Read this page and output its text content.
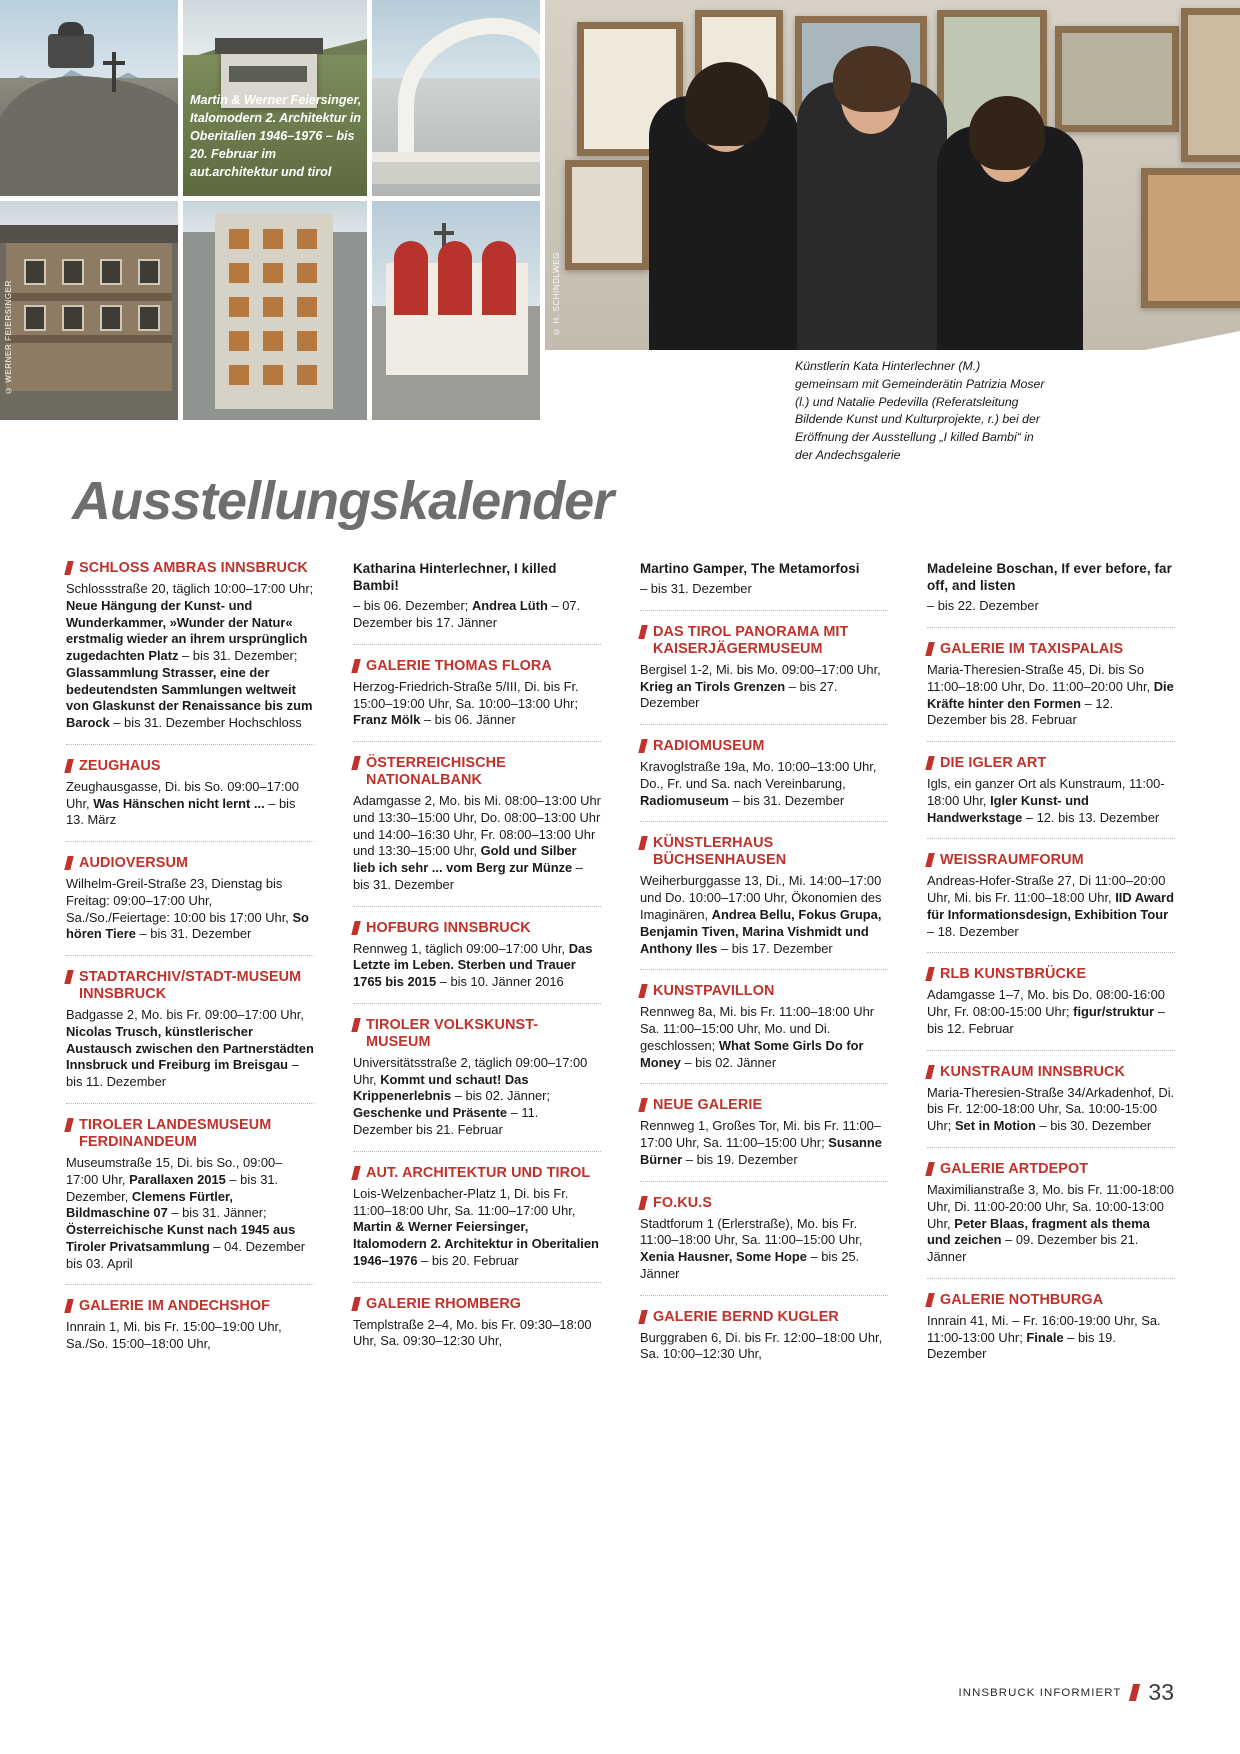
© WERNER FEIERSINGER	© H. SCHINDLWEG
Martin & Werner Feiersinger, Italomodern 2. Architektur in Oberitalien 1946–1976 – bis 20. Februar im aut.architektur und tirol
Künstlerin Kata Hinterlechner (M.) gemeinsam mit Gemeinderätin Patrizia Moser (l.) und Natalie Pedevilla (Referatsleitung Bildende Kunst und Kulturprojekte, r.) bei der Eröffnung der Ausstellung „I killed Bambi“ in der Andechsgalerie
Ausstellungskalender
SCHLOSS AMBRAS INNSBRUCK
Schlossstraße 20, täglich 10:00–17:00 Uhr; Neue Hängung der Kunst- und Wunderkammer, »Wunder der Natur« erstmalig wieder an ihrem ursprünglich zugedachten Platz – bis 31. Dezember; Glassammlung Strasser, eine der bedeutendsten Sammlungen weltweit von Glaskunst der Renaissance bis zum Barock – bis 31. Dezember Hochschloss
ZEUGHAUS
Zeughausgasse, Di. bis So. 09:00–17:00 Uhr, Was Hänschen nicht lernt ... – bis 13. März
AUDIOVERSUM
Wilhelm-Greil-Straße 23, Dienstag bis Freitag: 09:00–17:00 Uhr, Sa./So./Feiertage: 10:00 bis 17:00 Uhr, So hören Tiere – bis 31. Dezember
STADTARCHIV/STADT-MUSEUM INNSBRUCK
Badgasse 2, Mo. bis Fr. 09:00–17:00 Uhr, Nicolas Trusch, künstlerischer Austausch zwischen den Partnerstädten Innsbruck und Freiburg im Breisgau – bis 11. Dezember
TIROLER LANDESMUSEUM FERDINANDEUM
Museumstraße 15, Di. bis So., 09:00–17:00 Uhr, Parallaxen 2015 – bis 31. Dezember, Clemens Fürtler, Bildmaschine 07 – bis 31. Jänner; Österreichische Kunst nach 1945 aus Tiroler Privatsammlung – 04. Dezember bis 03. April
GALERIE IM ANDECHSHOF
Innrain 1, Mi. bis Fr. 15:00–19:00 Uhr, Sa./So. 15:00–18:00 Uhr,
Katharina Hinterlechner, I killed Bambi!
– bis 06. Dezember; Andrea Lüth – 07. Dezember bis 17. Jänner
GALERIE THOMAS FLORA
Herzog-Friedrich-Straße 5/III, Di. bis Fr. 15:00–19:00 Uhr, Sa. 10:00–13:00 Uhr; Franz Mölk – bis 06. Jänner
ÖSTERREICHISCHE NATIONALBANK
Adamgasse 2, Mo. bis Mi. 08:00–13:00 Uhr und 13:30–15:00 Uhr, Do. 08:00–13:00 Uhr und 14:00–16:30 Uhr, Fr. 08:00–13:00 Uhr und 13:30–15:00 Uhr, Gold und Silber lieb ich sehr ... vom Berg zur Münze – bis 31. Dezember
HOFBURG INNSBRUCK
Rennweg 1, täglich 09:00–17:00 Uhr, Das Letzte im Leben. Sterben und Trauer 1765 bis 2015 – bis 10. Jänner 2016
TIROLER VOLKSKUNST-MUSEUM
Universitätsstraße 2, täglich 09:00–17:00 Uhr, Kommt und schaut! Das Krippenerlebnis – bis 02. Jänner; Geschenke und Präsente – 11. Dezember bis 21. Februar
AUT. ARCHITEKTUR UND TIROL
Lois-Welzenbacher-Platz 1, Di. bis Fr. 11:00–18:00 Uhr, Sa. 11:00–17:00 Uhr, Martin & Werner Feiersinger, Italomodern 2. Architektur in Oberitalien 1946–1976 – bis 20. Februar
GALERIE RHOMBERG
Templstraße 2–4, Mo. bis Fr. 09:30–18:00 Uhr, Sa. 09:30–12:30 Uhr,
Martino Gamper, The Metamorfosi
– bis 31. Dezember
DAS TIROL PANORAMA MIT KAISERJÄGERMUSEUM
Bergisel 1-2, Mi. bis Mo. 09:00–17:00 Uhr, Krieg an Tirols Grenzen – bis 27. Dezember
RADIOMUSEUM
Kravoglstraße 19a, Mo. 10:00–13:00 Uhr, Do., Fr. und Sa. nach Vereinbarung, Radiomuseum – bis 31. Dezember
KÜNSTLERHAUS BÜCHSENHAUSEN
Weiherburggasse 13, Di., Mi. 14:00–17:00 und Do. 10:00–17:00 Uhr, Ökonomien des Imaginären, Andrea Bellu, Fokus Grupa, Benjamin Tiven, Marina Vishmidt und Anthony Iles – bis 17. Dezember
KUNSTPAVILLON
Rennweg 8a, Mi. bis Fr. 11:00–18:00 Uhr Sa. 11:00–15:00 Uhr, Mo. und Di. geschlossen; What Some Girls Do for Money – bis 02. Jänner
NEUE GALERIE
Rennweg 1, Großes Tor, Mi. bis Fr. 11:00–17:00 Uhr, Sa. 11:00–15:00 Uhr; Susanne Bürner – bis 19. Dezember
FO.KU.S
Stadtforum 1 (Erlerstraße), Mo. bis Fr. 11:00–18:00 Uhr, Sa. 11:00–15:00 Uhr, Xenia Hausner, Some Hope – bis 25. Jänner
GALERIE BERND KUGLER
Burggraben 6, Di. bis Fr. 12:00–18:00 Uhr, Sa. 10:00–12:30 Uhr,
Madeleine Boschan, If ever before, far off, and listen
– bis 22. Dezember
GALERIE IM TAXISPALAIS
Maria-Theresien-Straße 45, Di. bis So 11:00–18:00 Uhr, Do. 11:00–20:00 Uhr, Die Kräfte hinter den Formen – 12. Dezember bis 28. Februar
DIE IGLER ART
Igls, ein ganzer Ort als Kunstraum, 11:00-18:00 Uhr, Igler Kunst- und Handwerkstage – 12. bis 13. Dezember
WEISSRAUMFORUM
Andreas-Hofer-Straße 27, Di 11:00–20:00 Uhr, Mi. bis Fr. 11:00–18:00 Uhr, IID Award für Informationsdesign, Exhibition Tour – 18. Dezember
RLB KUNSTBRÜCKE
Adamgasse 1–7, Mo. bis Do. 08:00-16:00 Uhr, Fr. 08:00-15:00 Uhr; figur/struktur – bis 12. Februar
KUNSTRAUM INNSBRUCK
Maria-Theresien-Straße 34/Arkadenhof, Di. bis Fr. 12:00-18:00 Uhr, Sa. 10:00-15:00 Uhr; Set in Motion – bis 30. Dezember
GALERIE ARTDEPOT
Maximilianstraße 3, Mo. bis Fr. 11:00-18:00 Uhr, Di. 11:00-20:00 Uhr, Sa. 10:00-13:00 Uhr, Peter Blaas, fragment als thema und zeichen – 09. Dezember bis 21. Jänner
GALERIE NOTHBURGA
Innrain 41, Mi. – Fr. 16:00-19:00 Uhr, Sa. 11:00-13:00 Uhr; Finale – bis 19. Dezember
INNSBRUCK INFORMIERT 33
